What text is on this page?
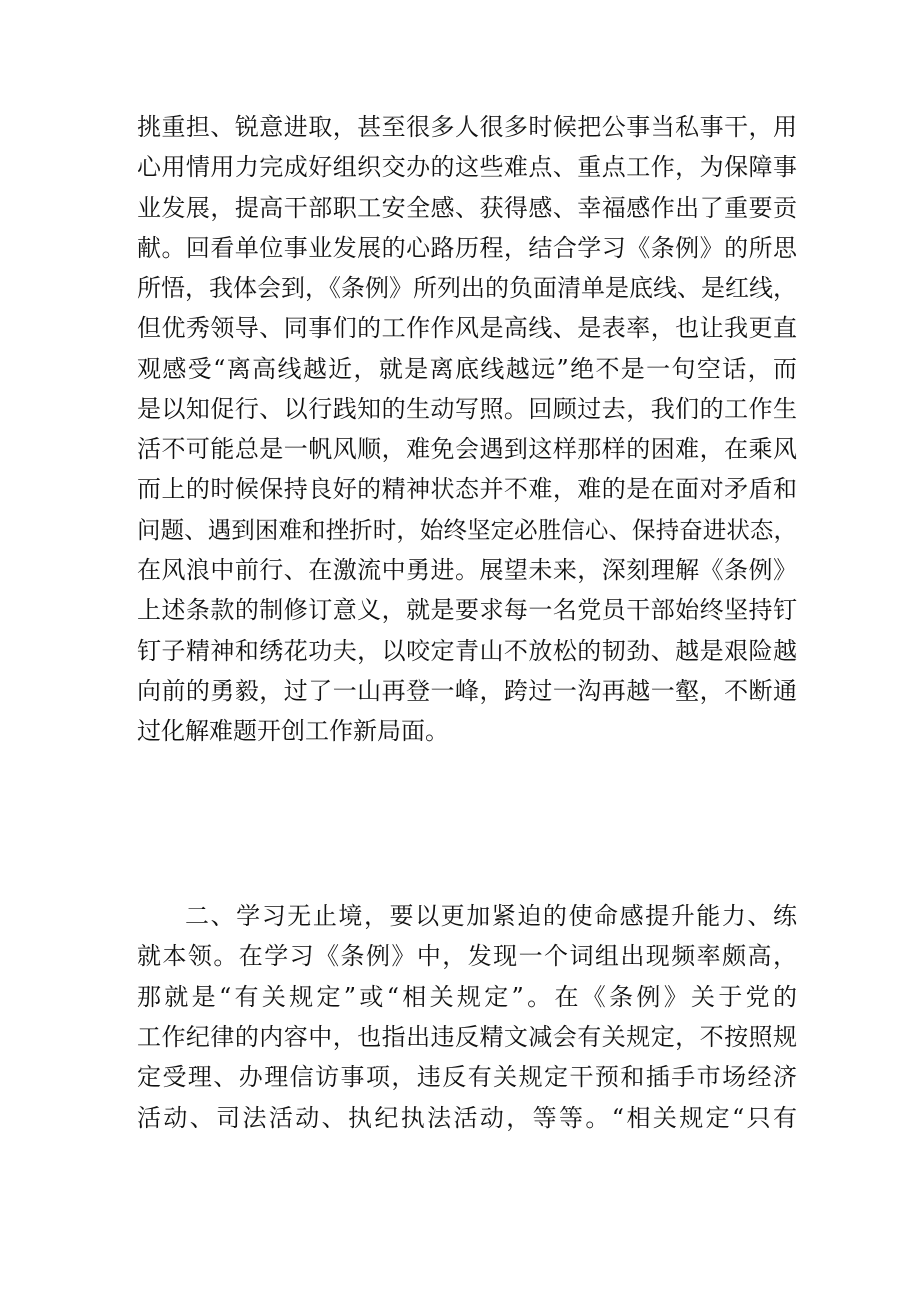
挑重担、锐意进取，甚至很多人很多时候把公事当私事干，用
心用情用力完成好组织交办的这些难点、重点工作，为保障事
业发展，提高干部职工安全感、获得感、幸福感作出了重要贡
献。回看单位事业发展的心路历程，结合学习《条例》的所思
所悟，我体会到，《条例》所列出的负面清单是底线、是红线，
但优秀领导、同事们的工作作风是高线、是表率，也让我更直
观感受“离高线越近，就是离底线越远”绝不是一句空话，而
是以知促行、以行践知的生动写照。回顾过去，我们的工作生
活不可能总是一帆风顺，难免会遇到这样那样的困难，在乘风
而上的时候保持良好的精神状态并不难，难的是在面对矛盾和
问题、遇到困难和挫折时，始终坚定必胜信心、保持奋进状态，
在风浪中前行、在激流中勇进。展望未来，深刻理解《条例》
上述条款的制修订意义，就是要求每一名党员干部始终坚持钉
钉子精神和绣花功夫，以咬定青山不放松的韧劲、越是艰险越
向前的勇毅，过了一山再登一峰，跨过一沟再越一壑，不断通
过化解难题开创工作新局面。
二、学习无止境，要以更加紧迫的使命感提升能力、练
就本领。在学习《条例》中，发现一个词组出现频率颇高，
那就是“有关规定”或“相关规定”。在《条例》关于党的
工作纪律的内容中，也指出违反精文减会有关规定，不按照规
定受理、办理信访事项，违反有关规定干预和插手市场经济
活动、司法活动、执纪执法活动，等等。“相关规定“只有
